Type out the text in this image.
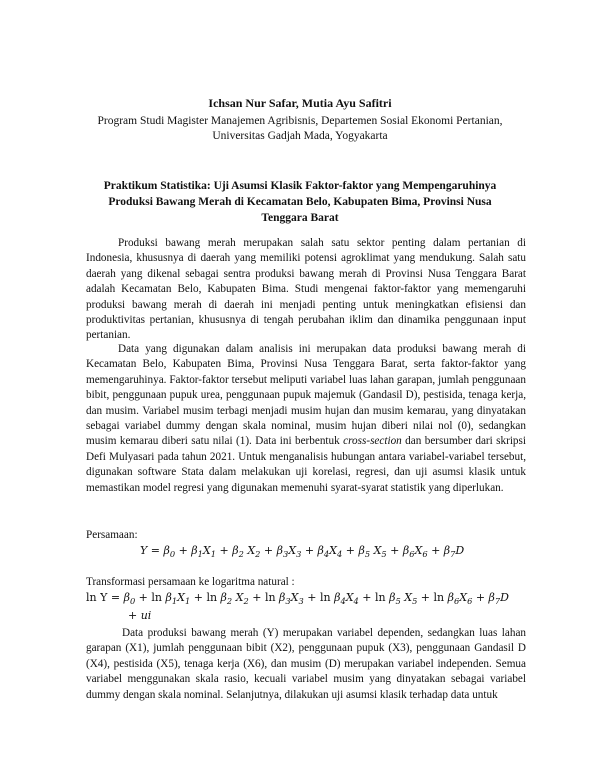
Ichsan Nur Safar, Mutia Ayu Safitri
Program Studi Magister Manajemen Agribisnis, Departemen Sosial Ekonomi Pertanian,
Universitas Gadjah Mada, Yogyakarta
Praktikum Statistika: Uji Asumsi Klasik Faktor-faktor yang Mempengaruhinya Produksi Bawang Merah di Kecamatan Belo, Kabupaten Bima, Provinsi Nusa Tenggara Barat
Produksi bawang merah merupakan salah satu sektor penting dalam pertanian di Indonesia, khususnya di daerah yang memiliki potensi agroklimat yang mendukung. Salah satu daerah yang dikenal sebagai sentra produksi bawang merah di Provinsi Nusa Tenggara Barat adalah Kecamatan Belo, Kabupaten Bima. Studi mengenai faktor-faktor yang memengaruhi produksi bawang merah di daerah ini menjadi penting untuk meningkatkan efisiensi dan produktivitas pertanian, khususnya di tengah perubahan iklim dan dinamika penggunaan input pertanian.
Data yang digunakan dalam analisis ini merupakan data produksi bawang merah di Kecamatan Belo, Kabupaten Bima, Provinsi Nusa Tenggara Barat, serta faktor-faktor yang memengaruhinya. Faktor-faktor tersebut meliputi variabel luas lahan garapan, jumlah penggunaan bibit, penggunaan pupuk urea, penggunaan pupuk majemuk (Gandasil D), pestisida, tenaga kerja, dan musim. Variabel musim terbagi menjadi musim hujan dan musim kemarau, yang dinyatakan sebagai variabel dummy dengan skala nominal, musim hujan diberi nilai nol (0), sedangkan musim kemarau diberi satu nilai (1). Data ini berbentuk cross-section dan bersumber dari skripsi Defi Mulyasari pada tahun 2021. Untuk menganalisis hubungan antara variabel-variabel tersebut, digunakan software Stata dalam melakukan uji korelasi, regresi, dan uji asumsi klasik untuk memastikan model regresi yang digunakan memenuhi syarat-syarat statistik yang diperlukan.
Persamaan:
$Y = \beta_0 + \beta_1X_1 + \beta_2$ $X_2 + \beta_3X_3 + \beta_4X_4 + \beta_5$ $X_5 + \beta_6X_6 + \beta_7D$
Transformasi persamaan ke logaritma natural :
$\ln Y = \beta_0 + \ln \beta_1X_1 + \ln \beta_2$ $X_2 + \ln \beta_3X_3 + \ln \beta_4X_4 + \ln \beta_5$ $X_5 + \ln \beta_6X_6 + \beta_7D$
+ ui
Data produksi bawang merah (Y) merupakan variabel dependen, sedangkan luas lahan garapan (X1), jumlah penggunaan bibit (X2), penggunaan pupuk (X3), penggunaan Gandasil D (X4), pestisida (X5), tenaga kerja (X6), dan musim (D) merupakan variabel independen. Semua variabel menggunakan skala rasio, kecuali variabel musim yang dinyatakan sebagai variabel dummy dengan skala nominal. Selanjutnya, dilakukan uji asumsi klasik terhadap data untuk
